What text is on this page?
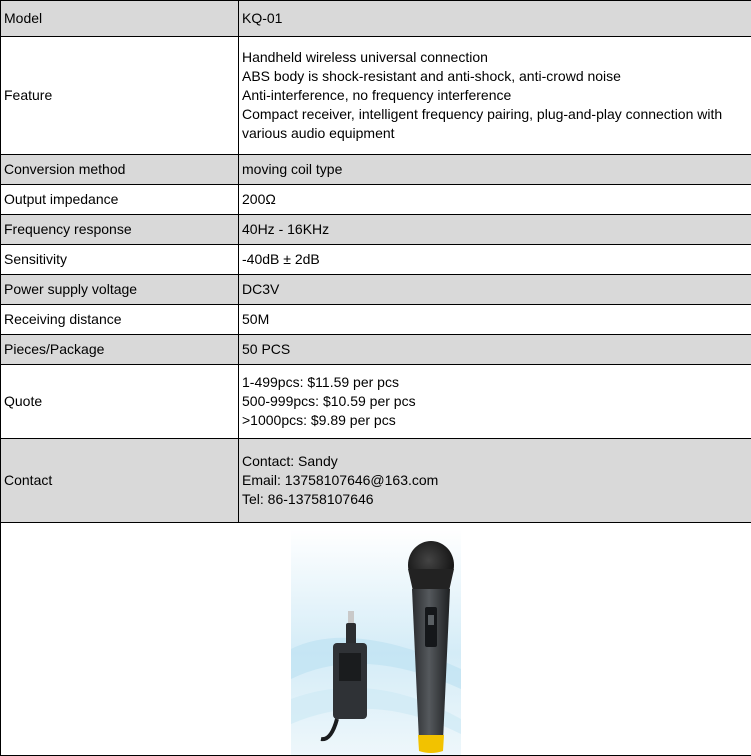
Model	KQ-01

Feature	Handheld wireless universal connection
ABS body is shock-resistant and anti-shock, anti-crowd noise
Anti-interference, no frequency interference
Compact receiver, intelligent frequency pairing, plug-and-play connection with
various audio equipment

Conversion method	moving coil type

Output impedance	200Ω

Frequency response	40Hz - 16KHz

Sensitivity	-40dB ± 2dB

Power supply voltage	DC3V

Receiving distance	50M

Pieces/Package	50 PCS

Quote	1-499pcs: $11.59 per pcs
500-999pcs: $10.59 per pcs
>1000pcs: $9.89 per pcs

Contact	Contact: Sandy
Email: 13758107646@163.com
Tel: 86-13758107646
